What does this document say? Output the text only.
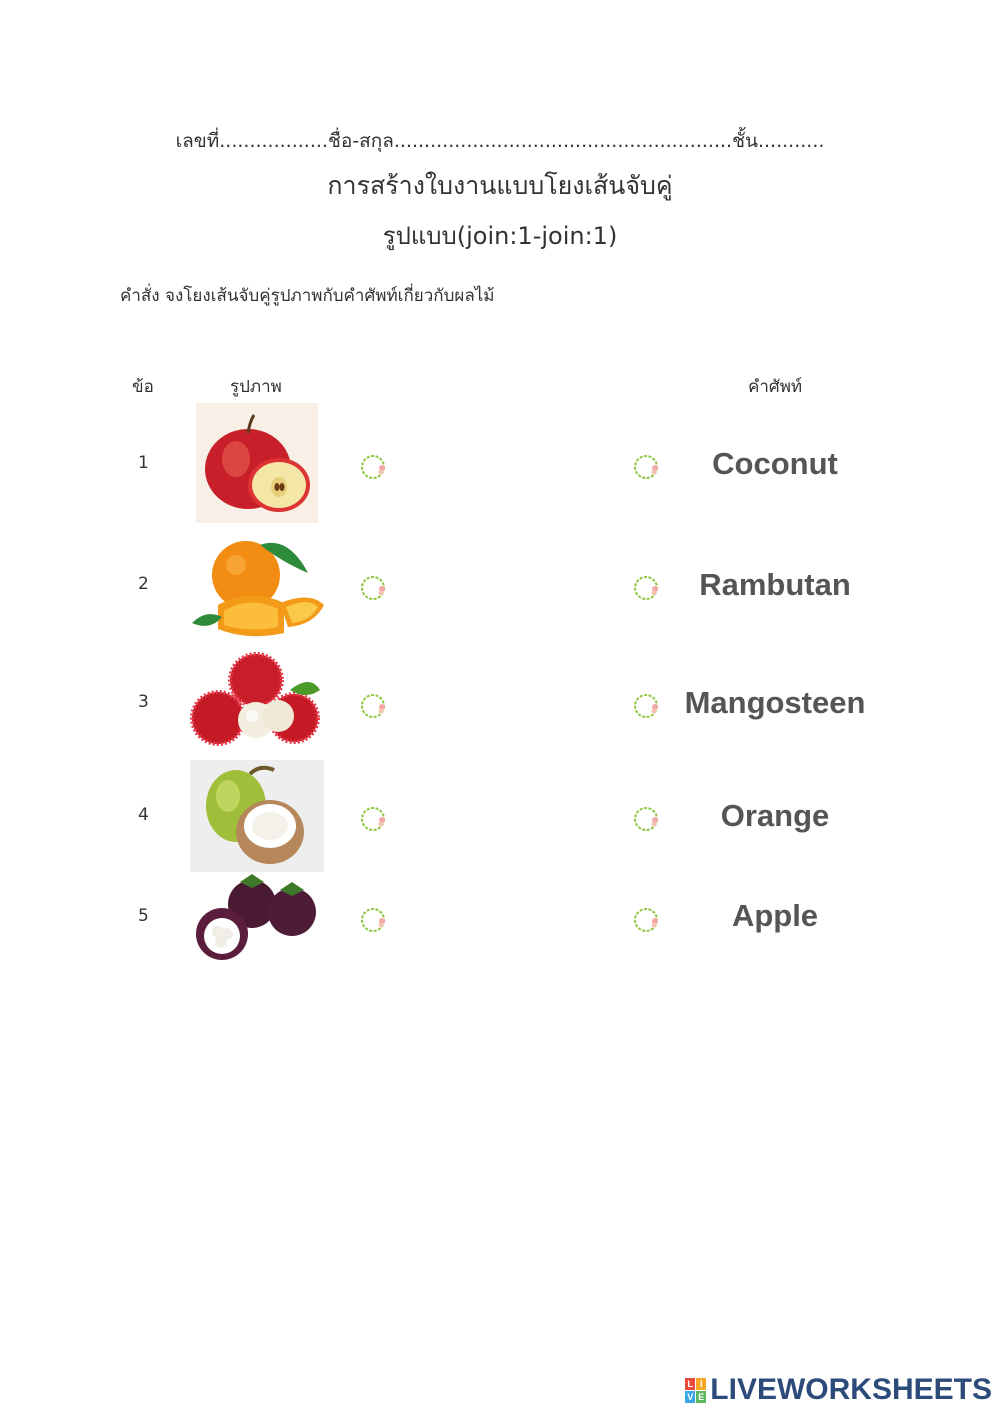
เลขที่..................ชื่อ-สกุล........................................................ชั้น...........
การสร้างใบงานแบบโยงเส้นจับคู่
รูปแบบ(join:1-join:1)
คำสั่ง จงโยงเส้นจับคู่รูปภาพกับคำศัพท์เกี่ยวกับผลไม้
ข้อ	รูปภาพ	คำศัพท์
1	Coconut
2	Rambutan
3	Mangosteen
4	Orange
5	Apple
L I
V E LIVEWORKSHEETS
